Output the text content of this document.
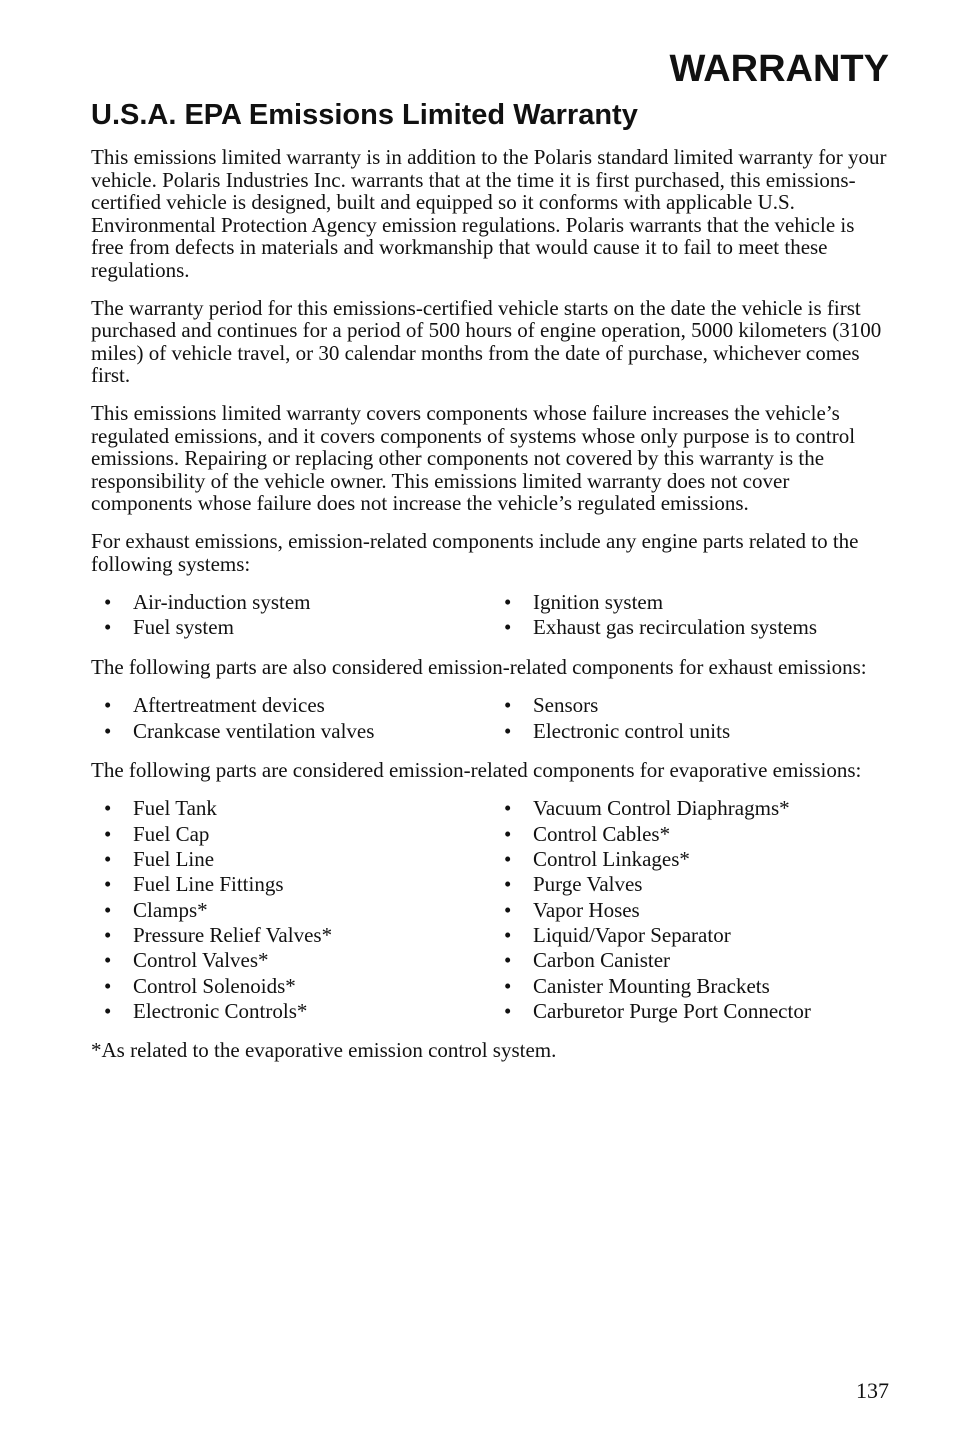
WARRANTY
U.S.A. EPA Emissions Limited Warranty

This emissions limited warranty is in addition to the Polaris standard limited warranty for your vehicle. Polaris Industries Inc. warrants that at the time it is first purchased, this emissions-certified vehicle is designed, built and equipped so it conforms with applicable U.S. Environmental Protection Agency emission regulations. Polaris warrants that the vehicle is free from defects in materials and workmanship that would cause it to fail to meet these regulations.

The warranty period for this emissions-certified vehicle starts on the date the vehicle is first purchased and continues for a period of 500 hours of engine operation, 5000 kilometers (3100 miles) of vehicle travel, or 30 calendar months from the date of purchase, whichever comes first.

This emissions limited warranty covers components whose failure increases the vehicle’s regulated emissions, and it covers components of systems whose only purpose is to control emissions. Repairing or replacing other components not covered by this warranty is the responsibility of the vehicle owner. This emissions limited warranty does not cover components whose failure does not increase the vehicle’s regulated emissions.

For exhaust emissions, emission-related components include any engine parts related to the following systems:

• Air-induction system
• Fuel system
• Ignition system
• Exhaust gas recirculation systems

The following parts are also considered emission-related components for exhaust emissions:

• Aftertreatment devices
• Crankcase ventilation valves
• Sensors
• Electronic control units

The following parts are considered emission-related components for evaporative emissions:

• Fuel Tank
• Fuel Cap
• Fuel Line
• Fuel Line Fittings
• Clamps*
• Pressure Relief Valves*
• Control Valves*
• Control Solenoids*
• Electronic Controls*
• Vacuum Control Diaphragms*
• Control Cables*
• Control Linkages*
• Purge Valves
• Vapor Hoses
• Liquid/Vapor Separator
• Carbon Canister
• Canister Mounting Brackets
• Carburetor Purge Port Connector

*As related to the evaporative emission control system.

137
